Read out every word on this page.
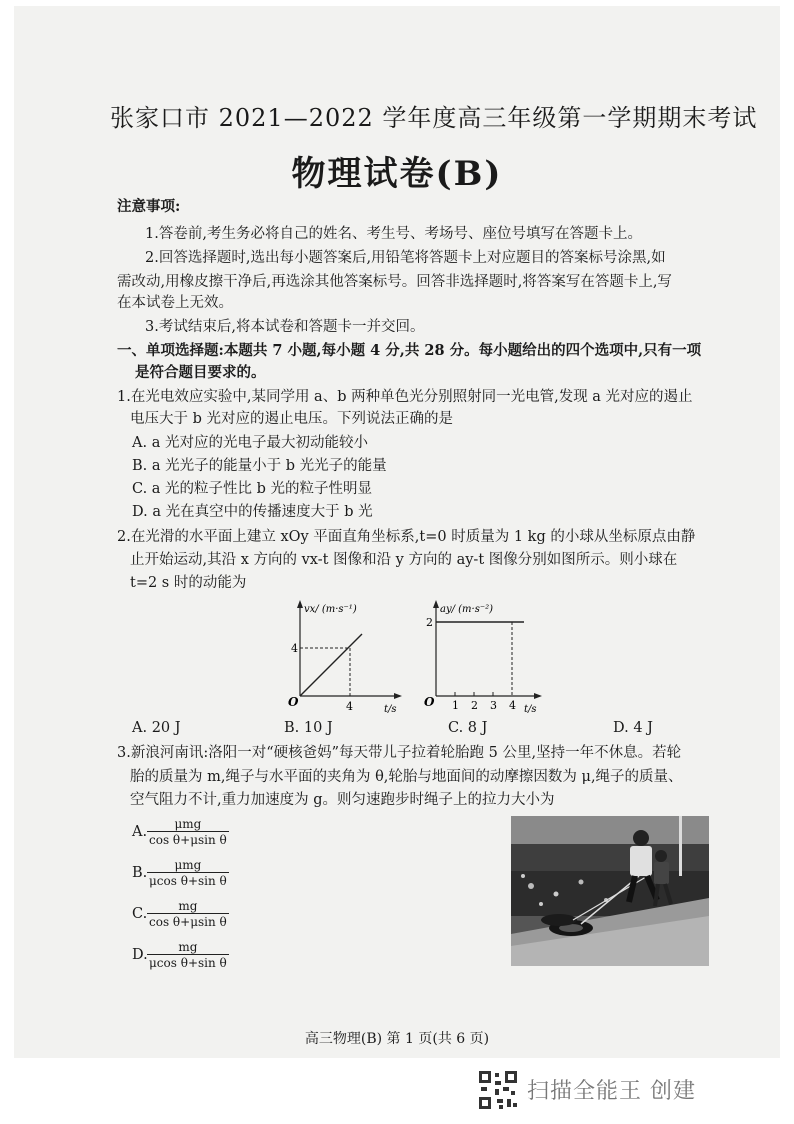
张家口市 2021—2022 学年度高三年级第一学期期末考试
物理试卷(B)
注意事项:
1.答卷前,考生务必将自己的姓名、考生号、考场号、座位号填写在答题卡上。
2.回答选择题时,选出每小题答案后,用铅笔将答题卡上对应题目的答案标号涂黑,如
需改动,用橡皮擦干净后,再选涂其他答案标号。回答非选择题时,将答案写在答题卡上,写
在本试卷上无效。
3.考试结束后,将本试卷和答题卡一并交回。
一、单项选择题:本题共 7 小题,每小题 4 分,共 28 分。每小题给出的四个选项中,只有一项
是符合题目要求的。
1.在光电效应实验中,某同学用 a、b 两种单色光分别照射同一光电管,发现 a 光对应的遏止
电压大于 b 光对应的遏止电压。下列说法正确的是
A. a 光对应的光电子最大初动能较小
B. a 光光子的能量小于 b 光光子的能量
C. a 光的粒子性比 b 光的粒子性明显
D. a 光在真空中的传播速度大于 b 光
2.在光滑的水平面上建立 xOy 平面直角坐标系,t=0 时质量为 1 kg 的小球从坐标原点由静
止开始运动,其沿 x 方向的 vx-t 图像和沿 y 方向的 ay-t 图像分别如图所示。则小球在
t=2 s 时的动能为
vx/ (m·s⁻¹)
4
4
O
t/s
ay/ (m·s⁻²)
2
1 2 3 4
O
t/s
A. 20 J	B. 10 J	C. 8 J	D. 4 J
3.新浪河南讯:洛阳一对“硬核爸妈”每天带儿子拉着轮胎跑 5 公里,坚持一年不休息。若轮
胎的质量为 m,绳子与水平面的夹角为 θ,轮胎与地面间的动摩擦因数为 μ,绳子的质量、
空气阻力不计,重力加速度为 g。则匀速跑步时绳子上的拉力大小为
A.	μmg
cos θ+μsin θ
B.	μmg
μcos θ+sin θ
C. $\frac{mg}{\text{cos θ+μsin θ}}$
D. $\frac{mg}{\text{μcos θ+sin θ}}$
高三物理(B) 第 1 页(共 6 页)
扫描全能王 创建
